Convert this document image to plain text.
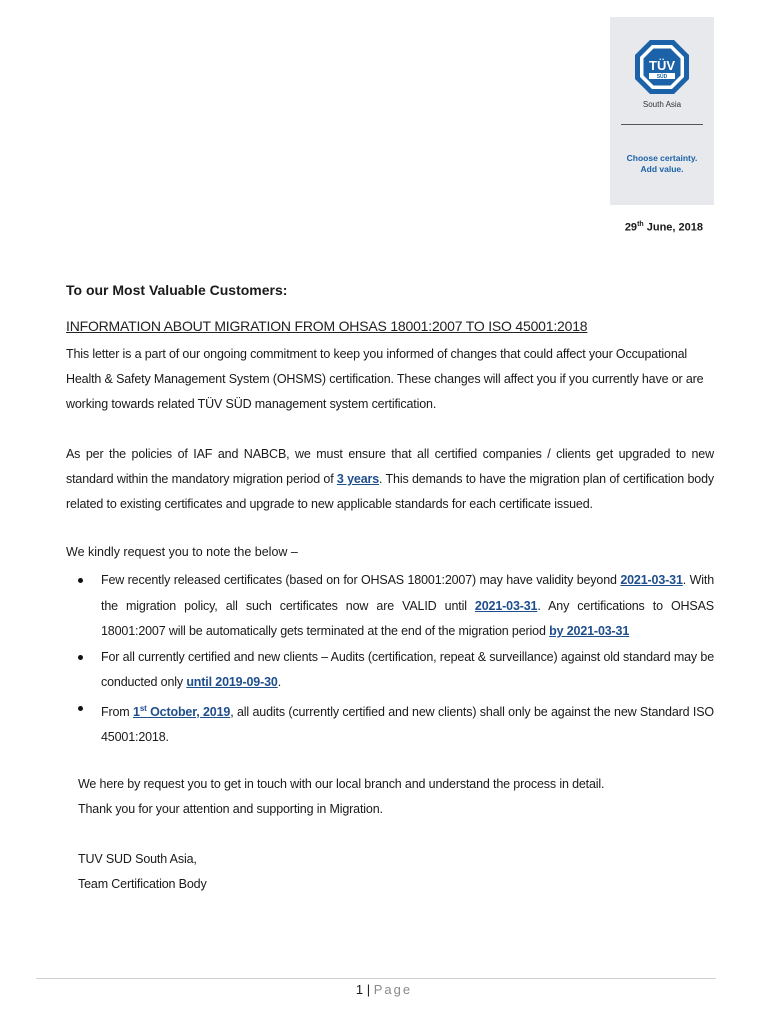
TÜV
SÜD
South Asia
Choose certainty.
Add value.
29th June, 2018
To our Most Valuable Customers:
INFORMATION ABOUT MIGRATION FROM OHSAS 18001:2007 TO ISO 45001:2018
This letter is a part of our ongoing commitment to keep you informed of changes that could affect your Occupational Health & Safety Management System (OHSMS) certification. These changes will affect you if you currently have or are working towards related TÜV SÜD management system certification.
As per the policies of IAF and NABCB, we must ensure that all certified companies / clients get upgraded to new standard within the mandatory migration period of 3 years. This demands to have the migration plan of certification body related to existing certificates and upgrade to new applicable standards for each certificate issued.
We kindly request you to note the below –
Few recently released certificates (based on for OHSAS 18001:2007) may have validity beyond 2021-03-31. With the migration policy, all such certificates now are VALID until 2021-03-31. Any certifications to OHSAS 18001:2007 will be automatically gets terminated at the end of the migration period by 2021-03-31
For all currently certified and new clients – Audits (certification, repeat & surveillance) against old standard may be conducted only until 2019-09-30.
From 1st October, 2019, all audits (currently certified and new clients) shall only be against the new Standard ISO 45001:2018.
We here by request you to get in touch with our local branch and understand the process in detail.
Thank you for your attention and supporting in Migration.
TUV SUD South Asia,
Team Certification Body
1 | Page
